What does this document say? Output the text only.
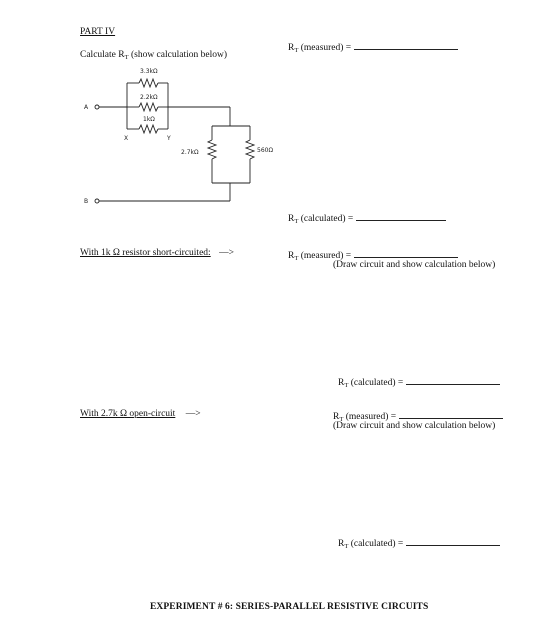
PART IV
$R_T$ (measured) =
Calculate $R_T$ (show calculation below)
3.3kΩ
2.2kΩ
1kΩ
2.7kΩ	560Ω
A
B
X	Y
$R_T$ (calculated) =
With 1k Ω resistor short-circuited: —>	$R_T$ (measured) =
(Draw circuit and show calculation below)
$R_T$ (calculated) =
With 2.7k Ω open-circuit —>	$R_T$ (measured) =
(Draw circuit and show calculation below)
$R_T$ (calculated) =
EXPERIMENT # 6: SERIES-PARALLEL RESISTIVE CIRCUITS
